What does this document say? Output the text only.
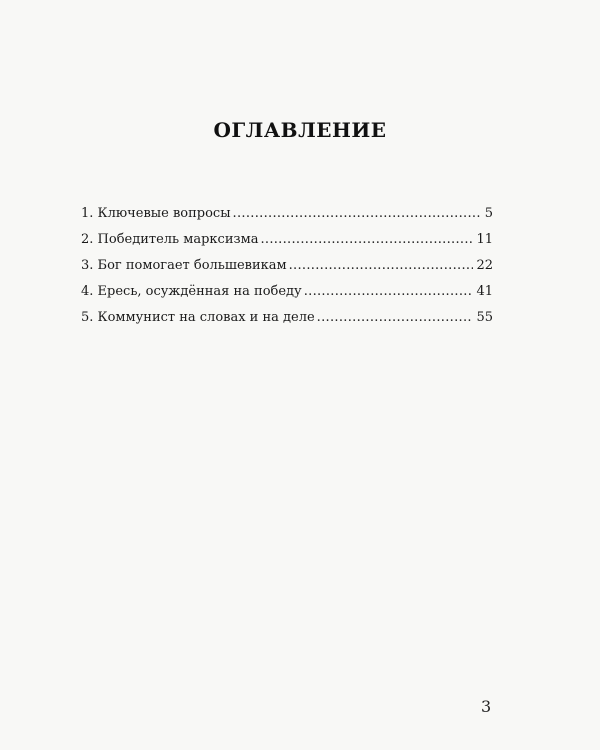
ОГЛАВЛЕНИЕ
1. Ключевые вопросы .....	5
2. Победитель марксизма .....	11
3. Бог помогает большевикам .....	22
4. Ересь, осуждённая на победу .....	41
5. Коммунист на словах и на деле .....	55
3
